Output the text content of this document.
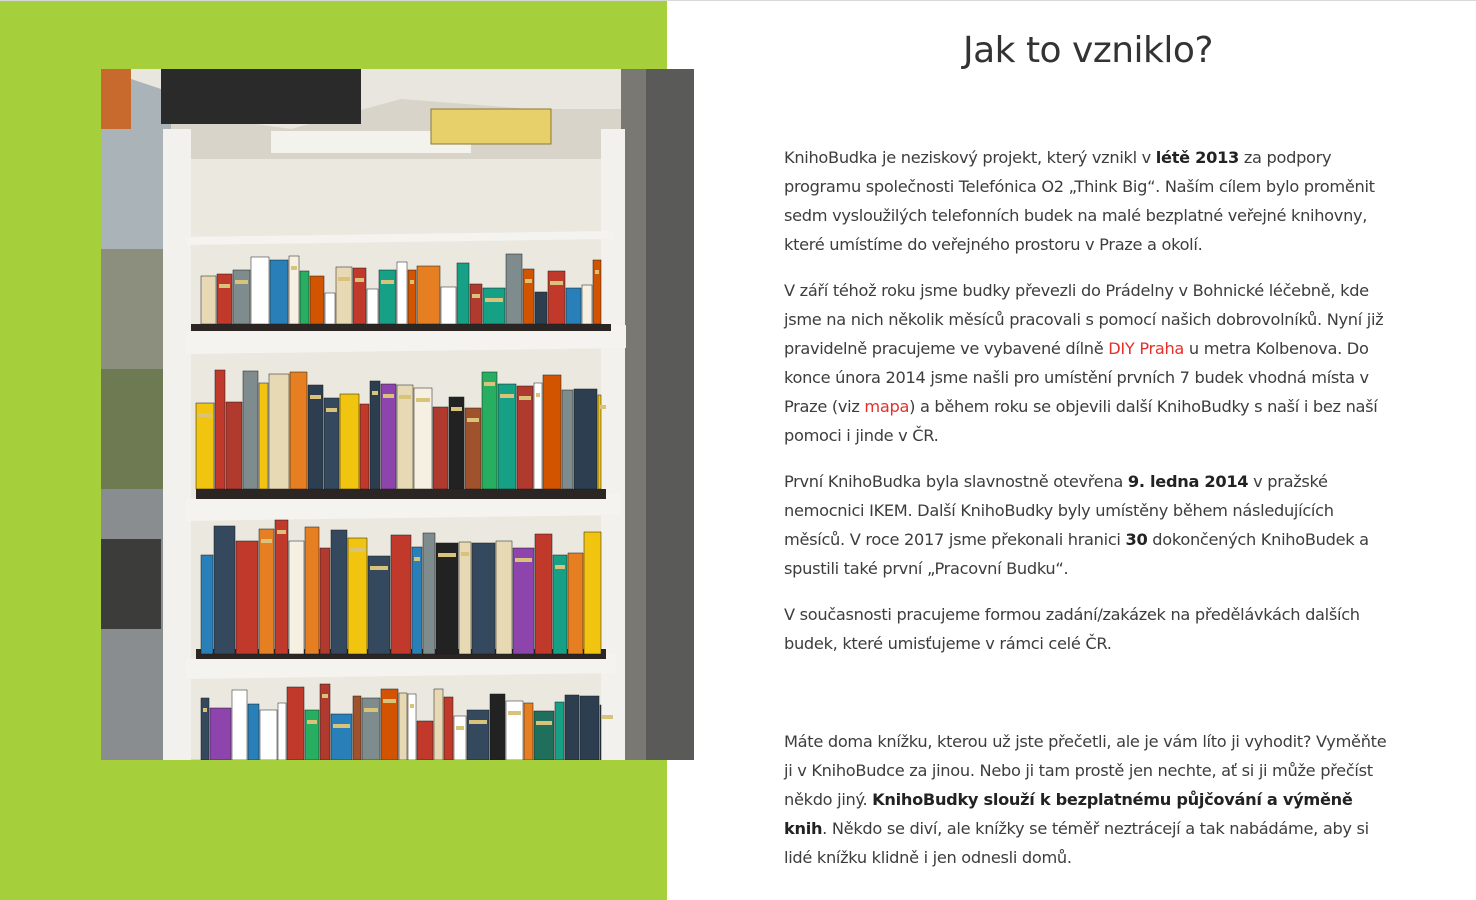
Jak to vzniklo?

KnihoBudka je neziskový projekt, který vznikl v létě 2013 za podpory programu společnosti Telefónica O2 „Think Big“. Naším cílem bylo proměnit sedm vysloužilých telefonních budek na malé bezplatné veřejné knihovny, které umístíme do veřejného prostoru v Praze a okolí.

V září téhož roku jsme budky převezli do Prádelny v Bohnické léčebně, kde jsme na nich několik měsíců pracovali s pomocí našich dobrovolníků. Nyní již pravidelně pracujeme ve vybavené dílně DIY Praha u metra Kolbenova. Do konce února 2014 jsme našli pro umístění prvních 7 budek vhodná místa v Praze (viz mapa) a během roku se objevili další KnihoBudky s naší i bez naší pomoci i jinde v ČR.

První KnihoBudka byla slavnostně otevřena 9. ledna 2014 v pražské nemocnici IKEM. Další KnihoBudky byly umístěny během následujících měsíců. V roce 2017 jsme překonali hranici 30 dokončených KnihoBudek a spustili také první „Pracovní Budku“.

V současnosti pracujeme formou zadání/zakázek na předělávkách dalších budek, které umisťujeme v rámci celé ČR.

Máte doma knížku, kterou už jste přečetli, ale je vám líto ji vyhodit? Vyměňte ji v KnihoBudce za jinou. Nebo ji tam prostě jen nechte, ať si ji může přečíst někdo jiný. KnihoBudky slouží k bezplatnému půjčování a výměně knih. Někdo se diví, ale knížky se téměř neztrácejí a tak nabádáme, aby si lidé knížku klidně i jen odnesli domů.
